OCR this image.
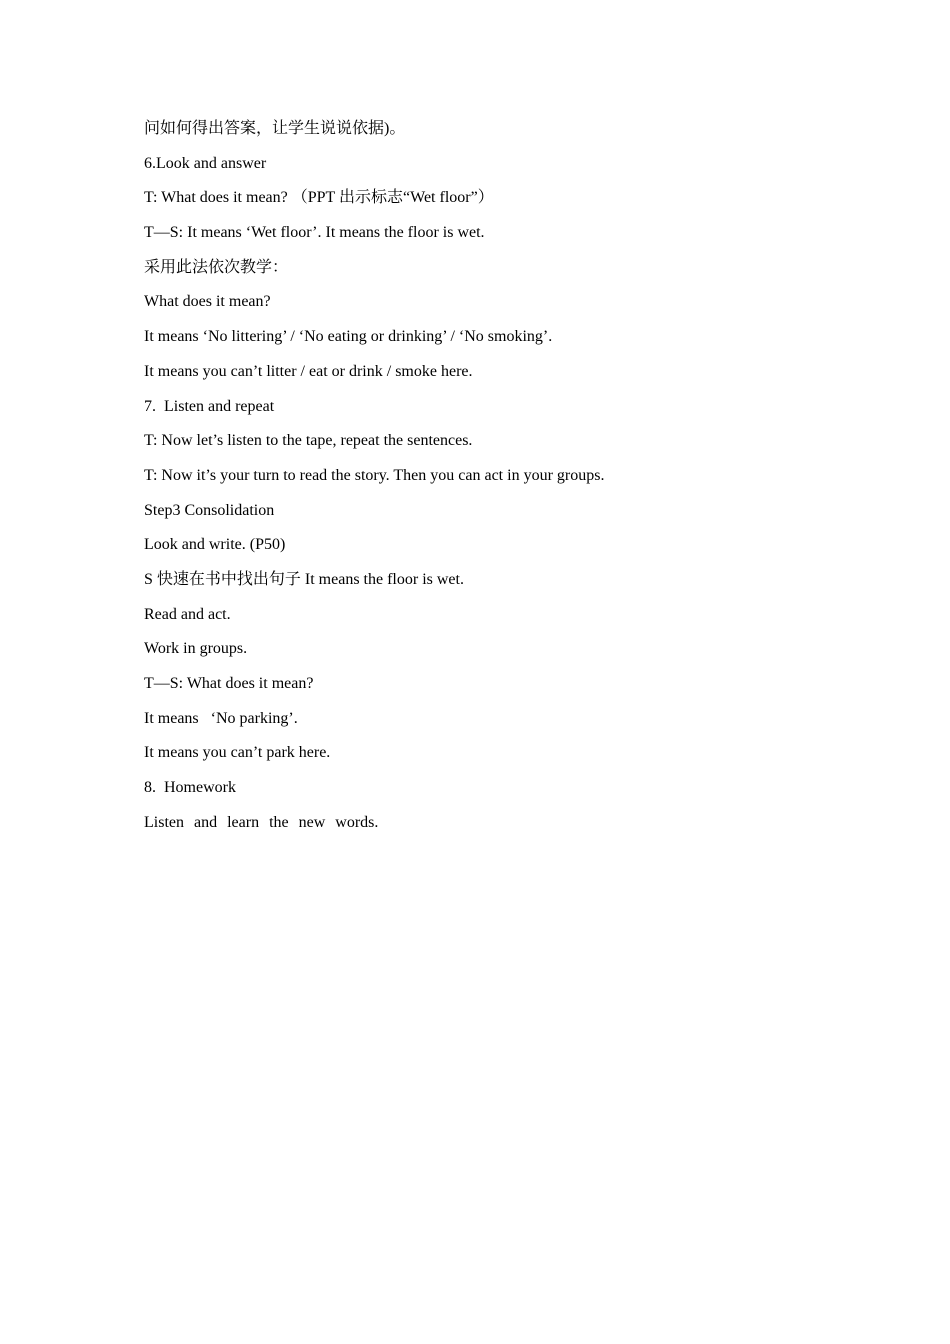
问如何得出答案，让学生说说依据)。
6.Look and answer
T: What does it mean? （PPT 出示标志“Wet floor”）
T—S: It means ‘Wet floor’. It means the floor is wet.
采用此法依次教学：
What does it mean?
It means ‘No littering’ / ‘No eating or drinking’ / ‘No smoking’.
It means you can’t litter / eat or drink / smoke here.
7.  Listen and repeat
T: Now let’s listen to the tape, repeat the sentences.
T: Now it’s your turn to read the story. Then you can act in your groups.
Step3 Consolidation
Look and write. (P50)
S 快速在书中找出句子 It means the floor is wet.
Read and act.
Work in groups.
T—S: What does it mean?
It means   ‘No parking’.
It means you can’t park here.
8.  Homework
Listen and learn the new words.
